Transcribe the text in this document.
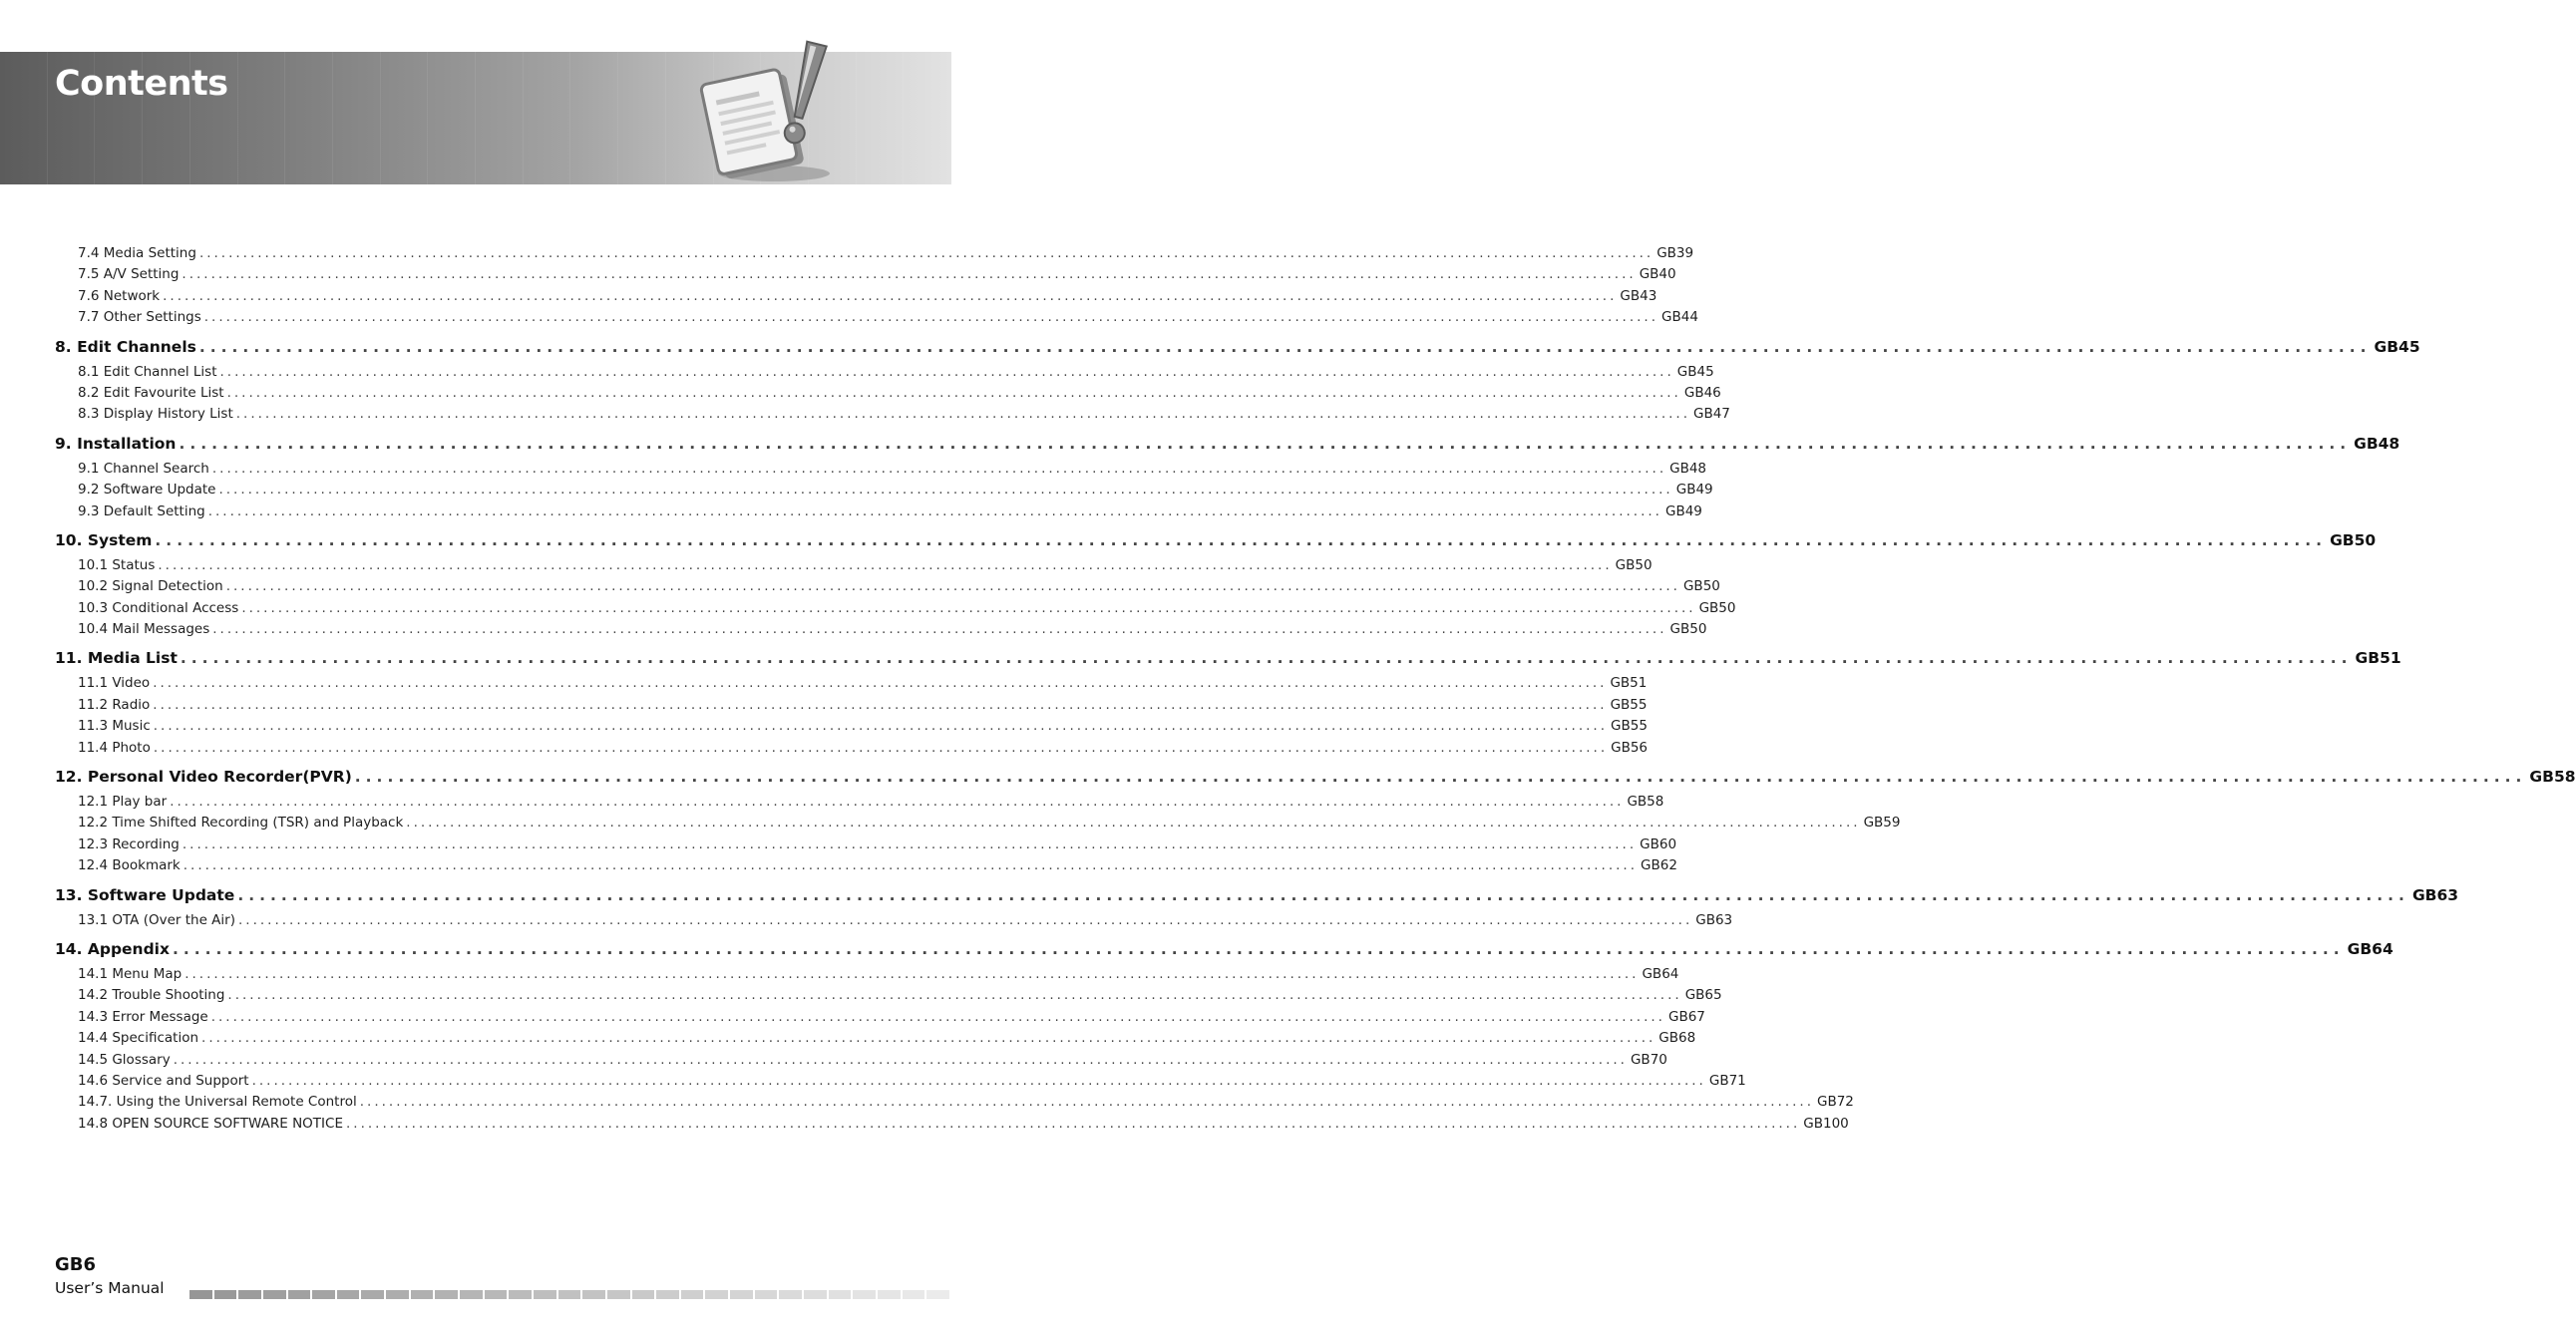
Contents
7.4 Media Setting ........................................................................................................................................................................................................ GB39
7.5 A/V Setting ........................................................................................................................................................................................................ GB40
7.6 Network ........................................................................................................................................................................................................ GB43
7.7 Other Settings ........................................................................................................................................................................................................ GB44
8. Edit Channels ........................................................................................................................................................................................................ GB45
8.1 Edit Channel List ........................................................................................................................................................................................................ GB45
8.2 Edit Favourite List ........................................................................................................................................................................................................ GB46
8.3 Display History List ........................................................................................................................................................................................................ GB47
9. Installation ........................................................................................................................................................................................................ GB48
9.1 Channel Search ........................................................................................................................................................................................................ GB48
9.2 Software Update ........................................................................................................................................................................................................ GB49
9.3 Default Setting ........................................................................................................................................................................................................ GB49
10. System ........................................................................................................................................................................................................ GB50
10.1 Status ........................................................................................................................................................................................................ GB50
10.2 Signal Detection ........................................................................................................................................................................................................ GB50
10.3 Conditional Access ........................................................................................................................................................................................................ GB50
10.4 Mail Messages ........................................................................................................................................................................................................ GB50
11. Media List ........................................................................................................................................................................................................ GB51
11.1 Video ........................................................................................................................................................................................................ GB51
11.2 Radio ........................................................................................................................................................................................................ GB55
11.3 Music ........................................................................................................................................................................................................ GB55
11.4 Photo ........................................................................................................................................................................................................ GB56
12. Personal Video Recorder(PVR) ........................................................................................................................................................................................................ GB58
12.1 Play bar ........................................................................................................................................................................................................ GB58
12.2 Time Shifted Recording (TSR) and Playback ........................................................................................................................................................................................................ GB59
12.3 Recording ........................................................................................................................................................................................................ GB60
12.4 Bookmark ........................................................................................................................................................................................................ GB62
13. Software Update ........................................................................................................................................................................................................ GB63
13.1 OTA (Over the Air) ........................................................................................................................................................................................................ GB63
14. Appendix ........................................................................................................................................................................................................ GB64
14.1 Menu Map ........................................................................................................................................................................................................ GB64
14.2 Trouble Shooting ........................................................................................................................................................................................................ GB65
14.3 Error Message ........................................................................................................................................................................................................ GB67
14.4 Specification ........................................................................................................................................................................................................ GB68
14.5 Glossary ........................................................................................................................................................................................................ GB70
14.6 Service and Support ........................................................................................................................................................................................................ GB71
14.7. Using the Universal Remote Control ........................................................................................................................................................................................................ GB72
14.8 OPEN SOURCE SOFTWARE NOTICE ........................................................................................................................................................................................................ GB100
GB6
User’s Manual
